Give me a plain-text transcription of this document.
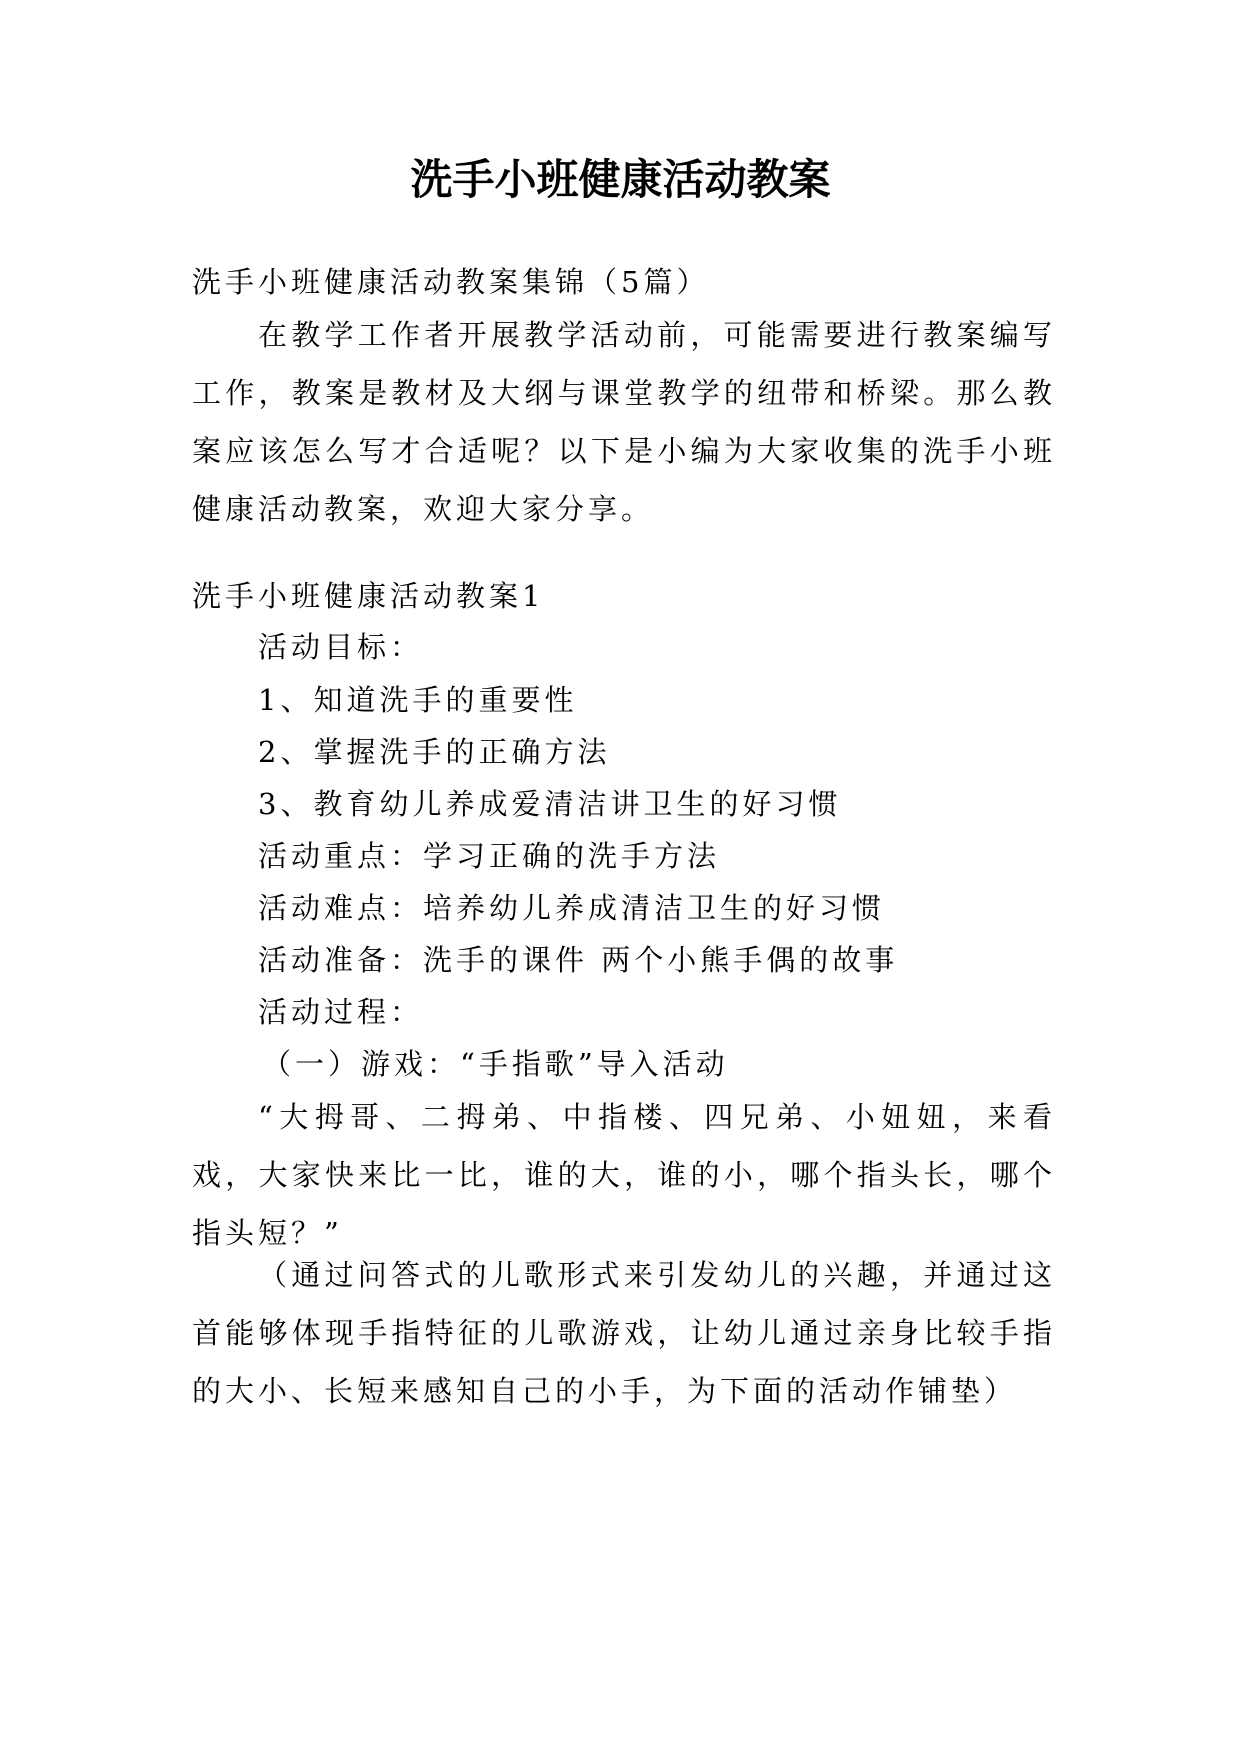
洗手小班健康活动教案
洗手小班健康活动教案集锦（5篇）
在教学工作者开展教学活动前，可能需要进行教案编写工作，教案是教材及大纲与课堂教学的纽带和桥梁。那么教案应该怎么写才合适呢？以下是小编为大家收集的洗手小班健康活动教案，欢迎大家分享。
洗手小班健康活动教案1
活动目标：
1、知道洗手的重要性
2、掌握洗手的正确方法
3、教育幼儿养成爱清洁讲卫生的好习惯
活动重点：学习正确的洗手方法
活动难点：培养幼儿养成清洁卫生的好习惯
活动准备：洗手的课件 两个小熊手偶的故事
活动过程：
（一）游戏：“手指歌”导入活动
“大拇哥、二拇弟、中指楼、四兄弟、小妞妞，来看戏，大家快来比一比，谁的大，谁的小，哪个指头长，哪个指头短？”
（通过问答式的儿歌形式来引发幼儿的兴趣，并通过这首能够体现手指特征的儿歌游戏，让幼儿通过亲身比较手指的大小、长短来感知自己的小手，为下面的活动作铺垫）
